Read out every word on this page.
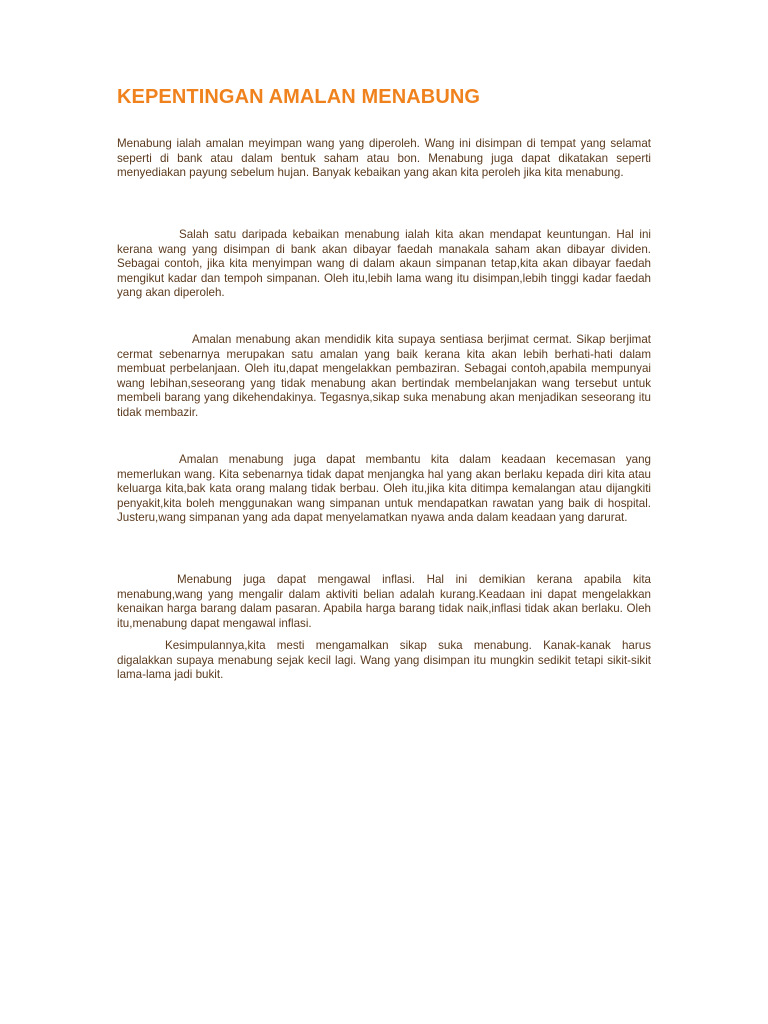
KEPENTINGAN AMALAN MENABUNG

Menabung ialah amalan meyimpan wang yang diperoleh. Wang ini disimpan di tempat yang selamat seperti di bank atau dalam bentuk saham atau bon. Menabung juga dapat dikatakan seperti menyediakan payung sebelum hujan. Banyak kebaikan yang akan kita peroleh jika kita menabung.

Salah satu daripada kebaikan menabung ialah kita akan mendapat keuntungan. Hal ini kerana wang yang disimpan di bank akan dibayar faedah manakala saham akan dibayar dividen. Sebagai contoh, jika kita menyimpan wang di dalam akaun simpanan tetap,kita akan dibayar faedah mengikut kadar dan tempoh simpanan. Oleh itu,lebih lama wang itu disimpan,lebih tinggi kadar faedah yang akan diperoleh.

Amalan menabung akan mendidik kita supaya sentiasa berjimat cermat. Sikap berjimat cermat sebenarnya merupakan satu amalan yang baik kerana kita akan lebih berhati-hati dalam membuat perbelanjaan. Oleh itu,dapat mengelakkan pembaziran. Sebagai contoh,apabila mempunyai wang lebihan,seseorang yang tidak menabung akan bertindak membelanjakan wang tersebut untuk membeli barang yang dikehendakinya. Tegasnya,sikap suka menabung akan menjadikan seseorang itu tidak membazir.

Amalan menabung juga dapat membantu kita dalam keadaan kecemasan yang memerlukan wang. Kita sebenarnya tidak dapat menjangka hal yang akan berlaku kepada diri kita atau keluarga kita,bak kata orang malang tidak berbau. Oleh itu,jika kita ditimpa kemalangan atau dijangkiti penyakit,kita boleh menggunakan wang simpanan untuk mendapatkan rawatan yang baik di hospital. Justeru,wang simpanan yang ada dapat menyelamatkan nyawa anda dalam keadaan yang darurat.

Menabung juga dapat mengawal inflasi. Hal ini demikian kerana apabila kita menabung,wang yang mengalir dalam aktiviti belian adalah kurang.Keadaan ini dapat mengelakkan kenaikan harga barang dalam pasaran. Apabila harga barang tidak naik,inflasi tidak akan berlaku. Oleh itu,menabung dapat mengawal inflasi.

Kesimpulannya,kita mesti mengamalkan sikap suka menabung. Kanak-kanak harus digalakkan supaya menabung sejak kecil lagi. Wang yang disimpan itu mungkin sedikit tetapi sikit-sikit lama-lama jadi bukit.
